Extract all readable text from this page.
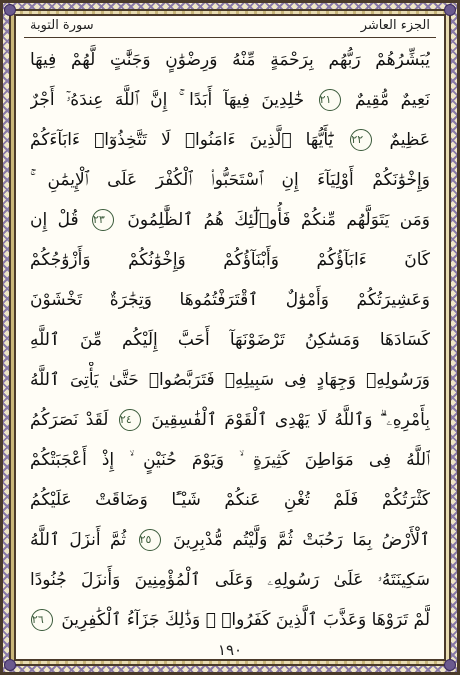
سورة التوبة	الجزء العاشر
يُبَشِّرُهُمْ رَبُّهُم بِرَحْمَةٍ مِّنْهُ وَرِضْوَٰنٍ وَجَنَّٰتٍ لَّهُمْ فِيهَا
نَعِيمٌ مُّقِيمٌ ٢١ خَٰلِدِينَ فِيهَآ أَبَدًا ۚ إِنَّ ٱللَّهَ عِندَهُۥٓ أَجْرٌ
عَظِيمٌ ٢٢ يَٰٓأَيُّهَا ٱلَّذِينَ ءَامَنُوا۟ لَا تَتَّخِذُوٓا۟ ءَابَآءَكُمْ
وَإِخْوَٰنَكُمْ أَوْلِيَآءَ إِنِ ٱسْتَحَبُّوا۟ ٱلْكُفْرَ عَلَى ٱلْإِيمَٰنِ ۚ
وَمَن يَتَوَلَّهُم مِّنكُمْ فَأُو۟لَٰٓئِكَ هُمُ ٱلظَّٰلِمُونَ ٢٣ قُلْ إِن
كَانَ ءَابَآؤُكُمْ وَأَبْنَآؤُكُمْ وَإِخْوَٰنُكُمْ وَأَزْوَٰجُكُمْ
وَعَشِيرَتُكُمْ وَأَمْوَٰلٌ ٱقْتَرَفْتُمُوهَا وَتِجَٰرَةٌ تَخْشَوْنَ
كَسَادَهَا وَمَسَٰكِنُ تَرْضَوْنَهَآ أَحَبَّ إِلَيْكُم مِّنَ ٱللَّهِ
وَرَسُولِهِۦ وَجِهَادٍ فِى سَبِيلِهِۦ فَتَرَبَّصُوا۟ حَتَّىٰ يَأْتِىَ ٱللَّهُ
بِأَمْرِهِۦ ۗ وَٱللَّهُ لَا يَهْدِى ٱلْقَوْمَ ٱلْفَٰسِقِينَ ٢٤ لَقَدْ نَصَرَكُمُ
ٱللَّهُ فِى مَوَاطِنَ كَثِيرَةٍ ۙ وَيَوْمَ حُنَيْنٍ ۙ إِذْ أَعْجَبَتْكُمْ
كَثْرَتُكُمْ فَلَمْ تُغْنِ عَنكُمْ شَيْـًٔا وَضَاقَتْ عَلَيْكُمُ
ٱلْأَرْضُ بِمَا رَحُبَتْ ثُمَّ وَلَّيْتُم مُّدْبِرِينَ ٢٥ ثُمَّ أَنزَلَ ٱللَّهُ
سَكِينَتَهُۥ عَلَىٰ رَسُولِهِۦ وَعَلَى ٱلْمُؤْمِنِينَ وَأَنزَلَ جُنُودًا
لَّمْ تَرَوْهَا وَعَذَّبَ ٱلَّذِينَ كَفَرُوا۟ ۚ وَذَٰلِكَ جَزَآءُ ٱلْكَٰفِرِينَ ٢٦
١٩٠
